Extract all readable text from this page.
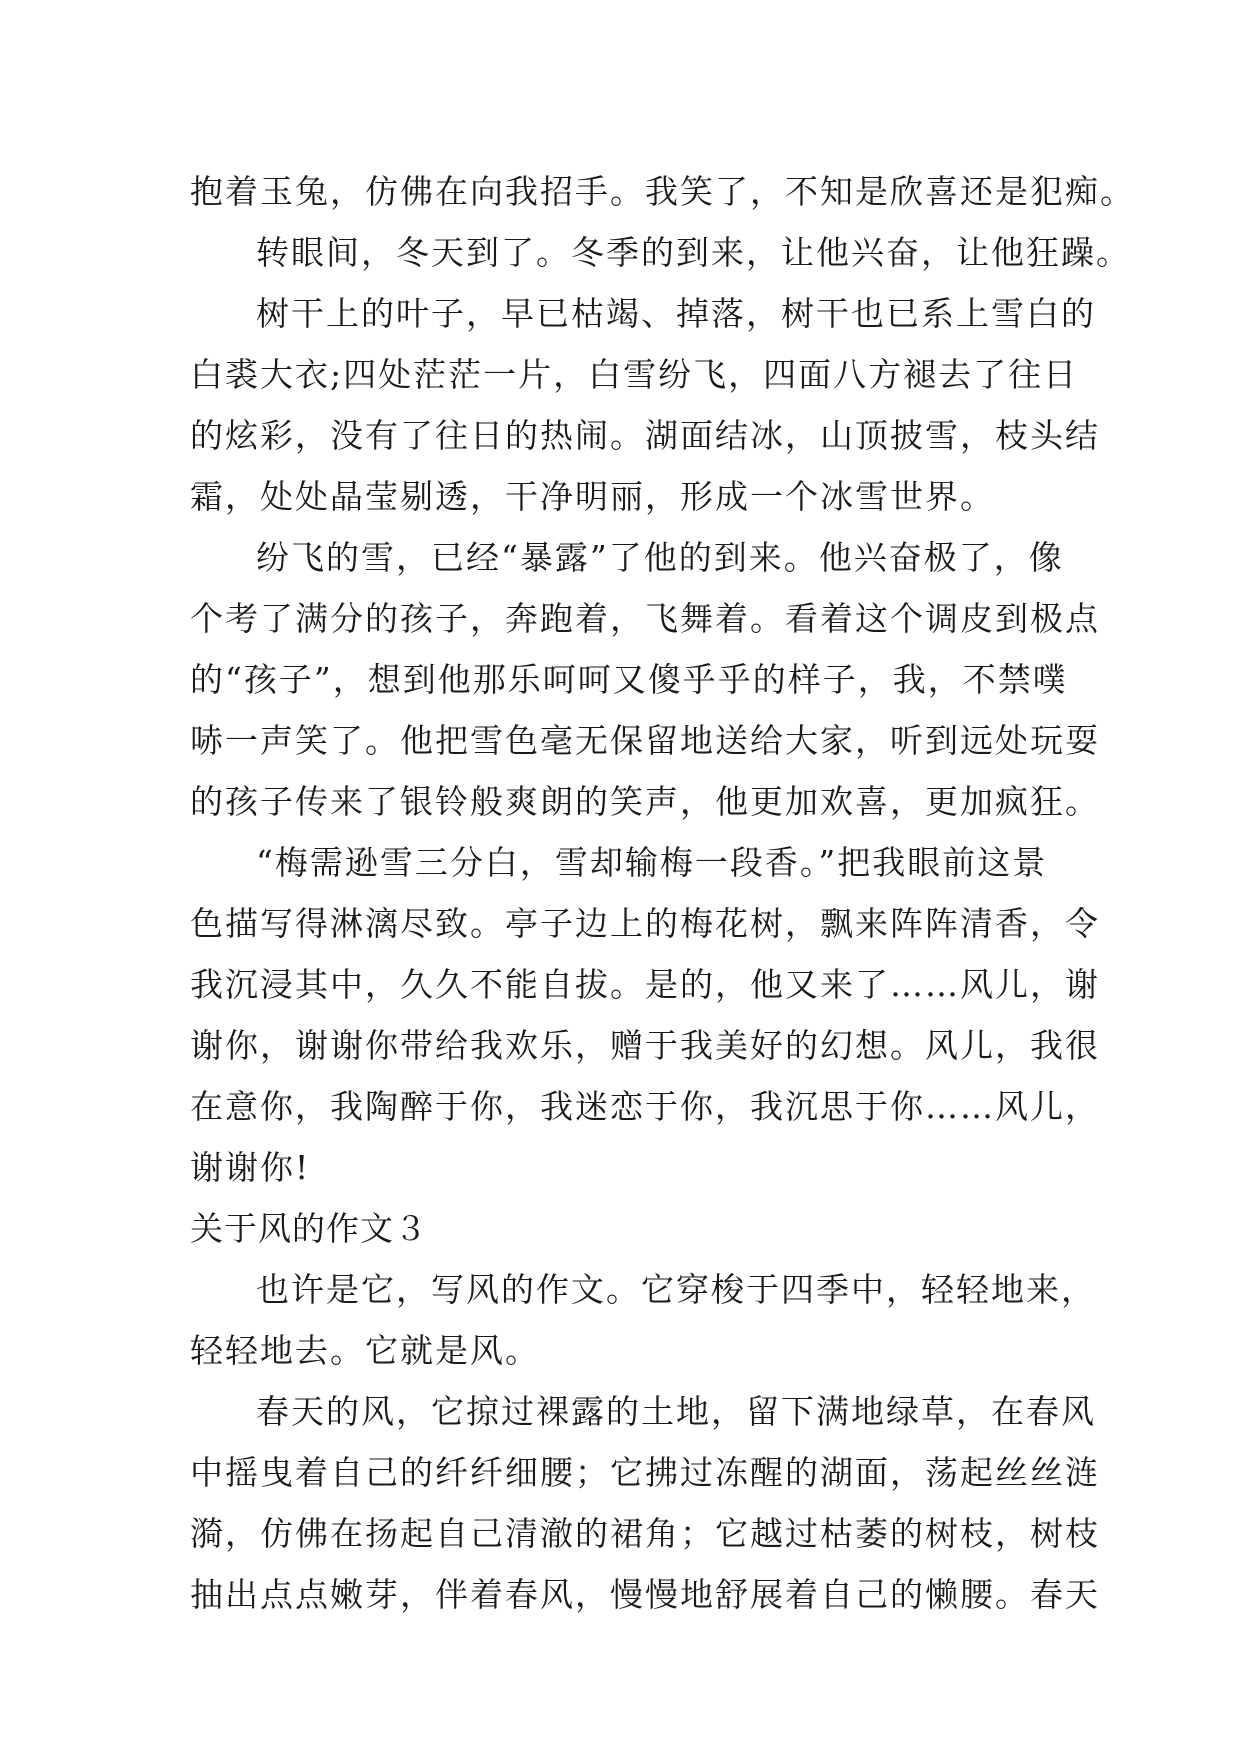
抱着玉兔，仿佛在向我招手。我笑了，不知是欣喜还是犯痴。
转眼间，冬天到了。冬季的到来，让他兴奋，让他狂躁。
树干上的叶子，早已枯竭、掉落，树干也已系上雪白的
白裘大衣;四处茫茫一片，白雪纷飞，四面八方褪去了往日
的炫彩，没有了往日的热闹。湖面结冰，山顶披雪，枝头结
霜，处处晶莹剔透，干净明丽，形成一个冰雪世界。
纷飞的雪，已经“暴露”了他的到来。他兴奋极了，像
个考了满分的孩子，奔跑着，飞舞着。看着这个调皮到极点
的“孩子”，想到他那乐呵呵又傻乎乎的样子，我，不禁噗
哧一声笑了。他把雪色毫无保留地送给大家，听到远处玩耍
的孩子传来了银铃般爽朗的笑声，他更加欢喜，更加疯狂。
“梅需逊雪三分白，雪却输梅一段香。”把我眼前这景
色描写得淋漓尽致。亭子边上的梅花树，飘来阵阵清香，令
我沉浸其中，久久不能自拔。是的，他又来了……风儿，谢
谢你，谢谢你带给我欢乐，赠于我美好的幻想。风儿，我很
在意你，我陶醉于你，我迷恋于你，我沉思于你……风儿，
谢谢你!
关于风的作文３
也许是它，写风的作文。它穿梭于四季中，轻轻地来，
轻轻地去。它就是风。
春天的风，它掠过裸露的土地，留下满地绿草，在春风
中摇曳着自己的纤纤细腰；它拂过冻醒的湖面，荡起丝丝涟
漪，仿佛在扬起自己清澈的裙角；它越过枯萎的树枝，树枝
抽出点点嫩芽，伴着春风，慢慢地舒展着自己的懒腰。春天
